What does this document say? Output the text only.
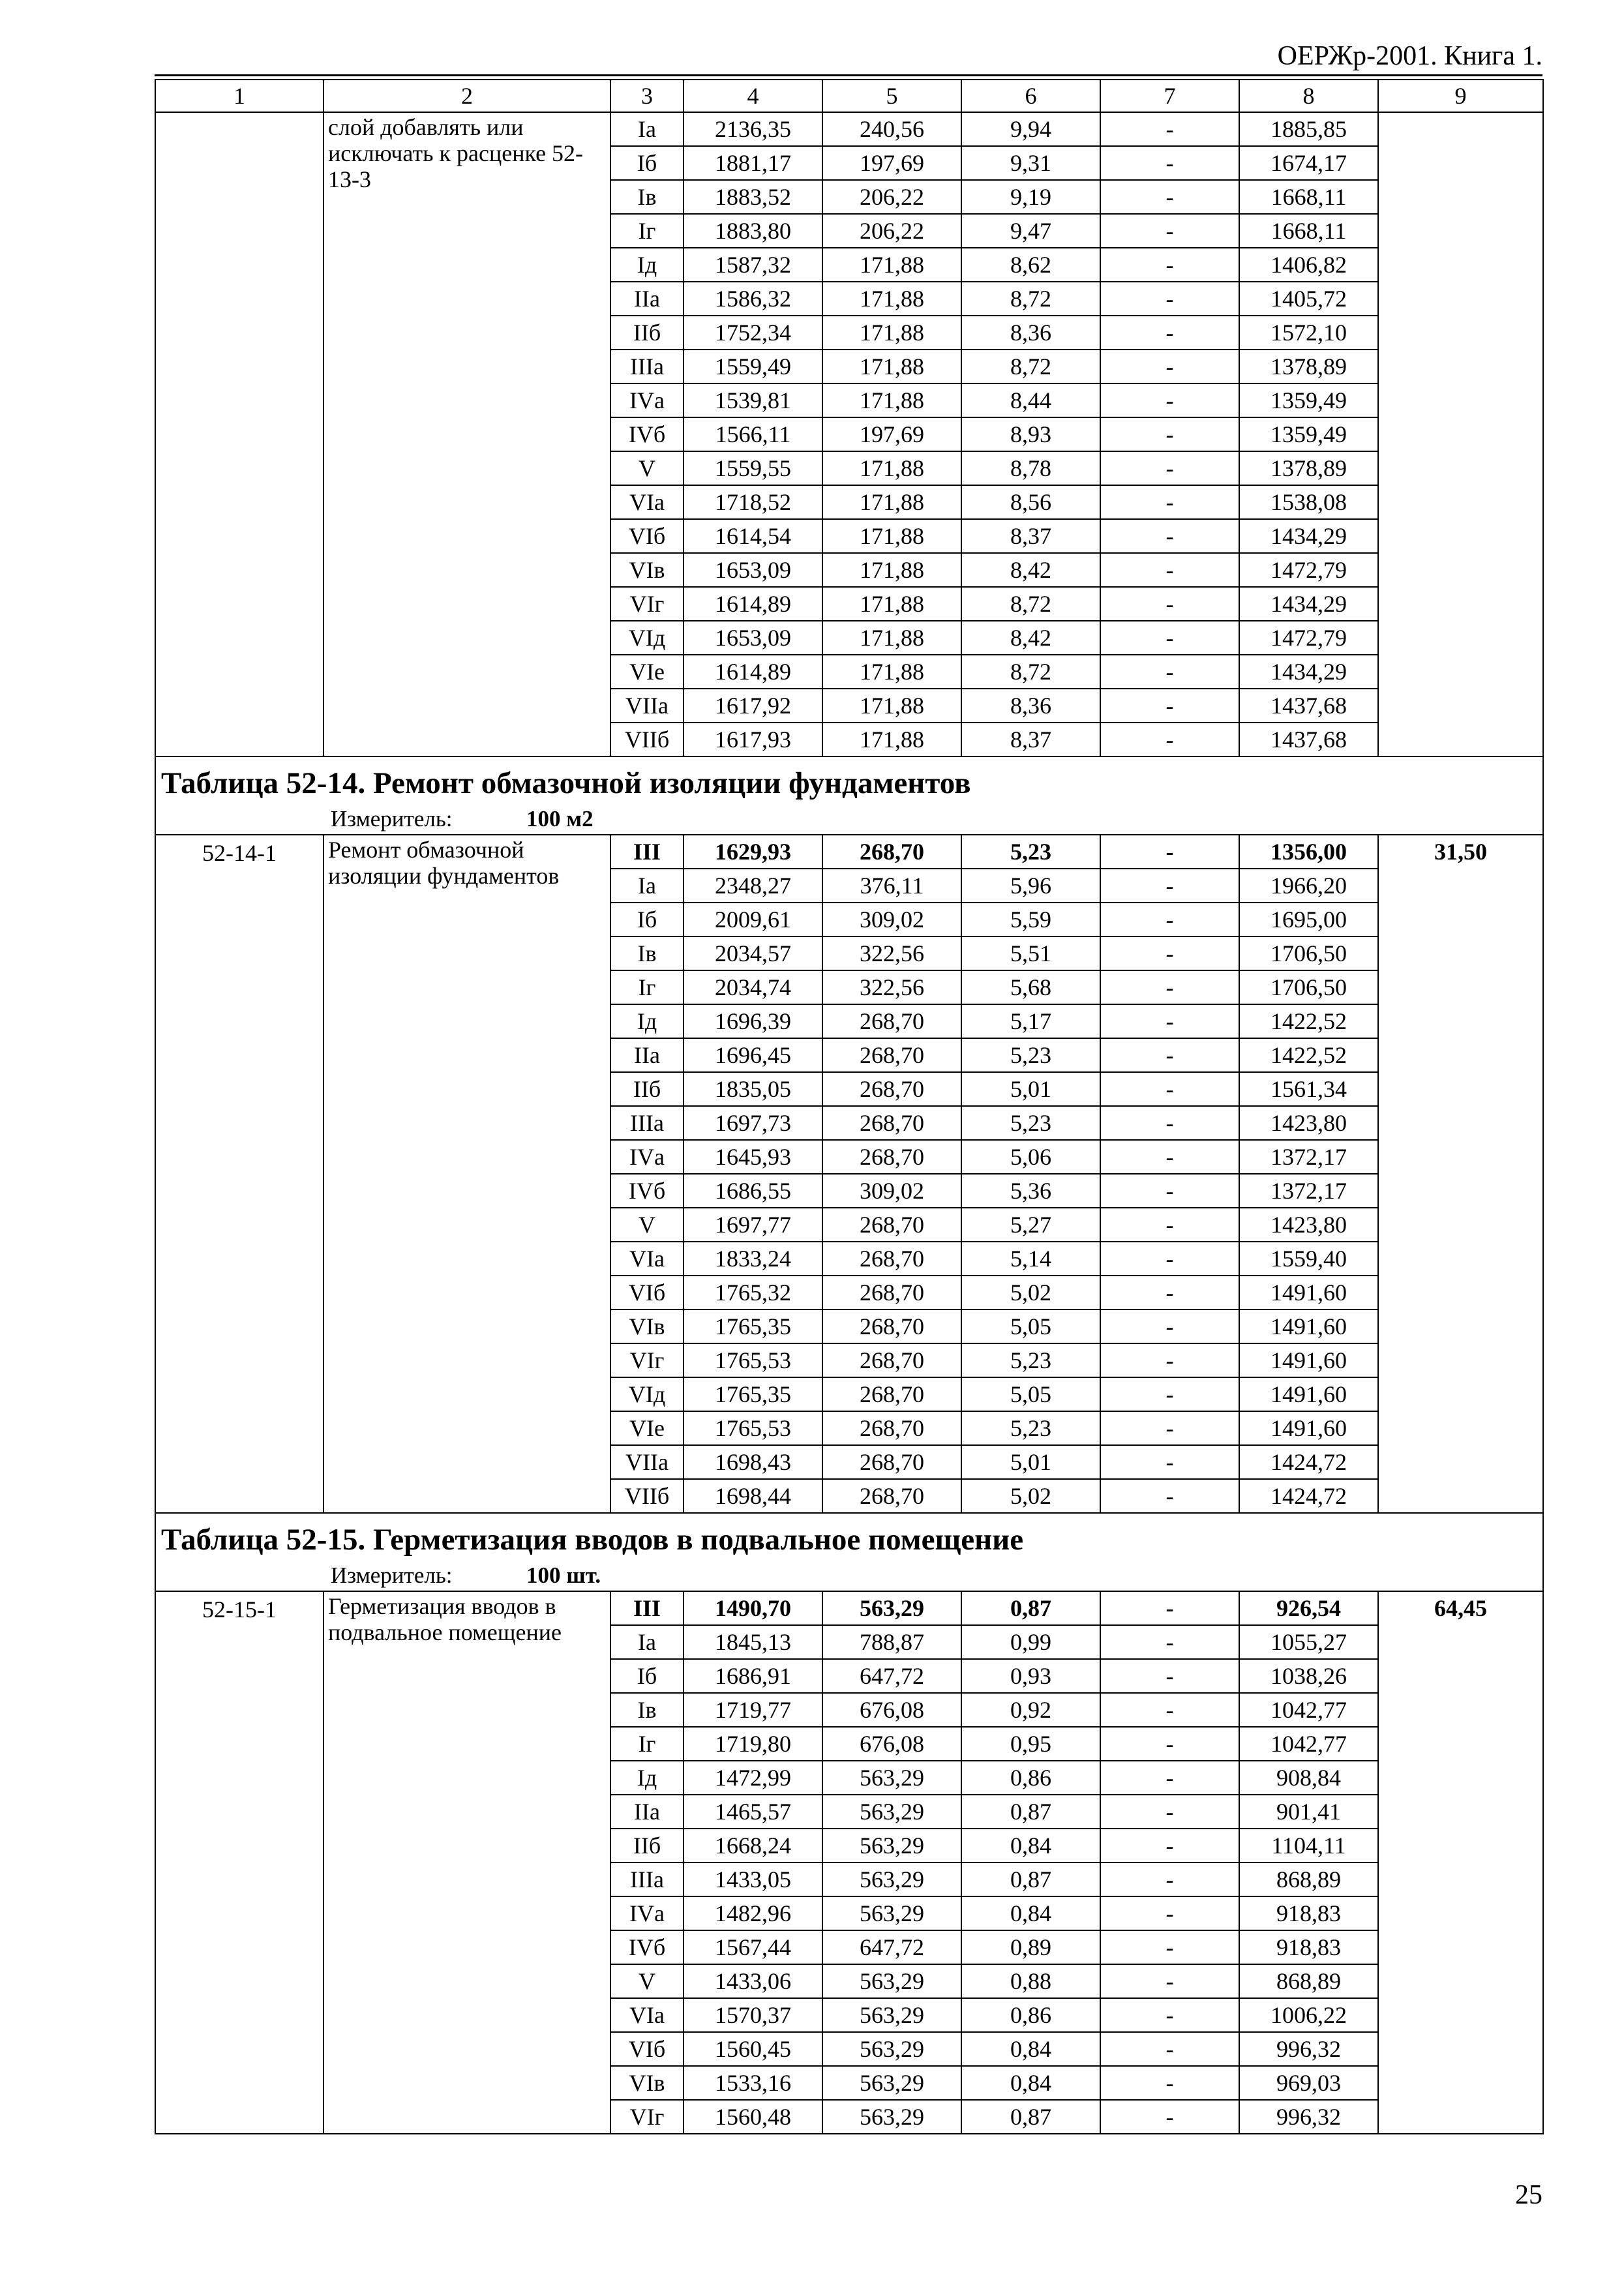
ОЕРЖр-2001. Книга 1.
1	2	3	4	5	6	7	8	9
	слой добавлять или исключать к расценке 52-13-3	Iа	2136,35	240,56	9,94	-	1885,85	
		Iб	1881,17	197,69	9,31	-	1674,17	
		Iв	1883,52	206,22	9,19	-	1668,11	
		Iг	1883,80	206,22	9,47	-	1668,11	
		Iд	1587,32	171,88	8,62	-	1406,82	
		IIа	1586,32	171,88	8,72	-	1405,72	
		IIб	1752,34	171,88	8,36	-	1572,10	
		IIIа	1559,49	171,88	8,72	-	1378,89	
		IVа	1539,81	171,88	8,44	-	1359,49	
		IVб	1566,11	197,69	8,93	-	1359,49	
		V	1559,55	171,88	8,78	-	1378,89	
		VIа	1718,52	171,88	8,56	-	1538,08	
		VIб	1614,54	171,88	8,37	-	1434,29	
		VIв	1653,09	171,88	8,42	-	1472,79	
		VIг	1614,89	171,88	8,72	-	1434,29	
		VIд	1653,09	171,88	8,42	-	1472,79	
		VIе	1614,89	171,88	8,72	-	1434,29	
		VIIа	1617,92	171,88	8,36	-	1437,68	
		VIIб	1617,93	171,88	8,37	-	1437,68	

Таблица 52-14. Ремонт обмазочной изоляции фундаментов
Измеритель: 100 м2								

52-14-1	Ремонт обмазочной изоляции фундаментов	III	1629,93	268,70	5,23	-	1356,00	31,50
		Iа	2348,27	376,11	5,96	-	1966,20	
		Iб	2009,61	309,02	5,59	-	1695,00	
		Iв	2034,57	322,56	5,51	-	1706,50	
		Iг	2034,74	322,56	5,68	-	1706,50	
		Iд	1696,39	268,70	5,17	-	1422,52	
		IIа	1696,45	268,70	5,23	-	1422,52	
		IIб	1835,05	268,70	5,01	-	1561,34	
		IIIа	1697,73	268,70	5,23	-	1423,80	
		IVа	1645,93	268,70	5,06	-	1372,17	
		IVб	1686,55	309,02	5,36	-	1372,17	
		V	1697,77	268,70	5,27	-	1423,80	
		VIа	1833,24	268,70	5,14	-	1559,40	
		VIб	1765,32	268,70	5,02	-	1491,60	
		VIв	1765,35	268,70	5,05	-	1491,60	
		VIг	1765,53	268,70	5,23	-	1491,60	
		VIд	1765,35	268,70	5,05	-	1491,60	
		VIе	1765,53	268,70	5,23	-	1491,60	
		VIIа	1698,43	268,70	5,01	-	1424,72	
		VIIб	1698,44	268,70	5,02	-	1424,72	

Таблица 52-15. Герметизация вводов в подвальное помещение
Измеритель: 100 шт.								

52-15-1	Герметизация вводов в подвальное помещение	III	1490,70	563,29	0,87	-	926,54	64,45
		Iа	1845,13	788,87	0,99	-	1055,27	
		Iб	1686,91	647,72	0,93	-	1038,26	
		Iв	1719,77	676,08	0,92	-	1042,77	
		Iг	1719,80	676,08	0,95	-	1042,77	
		Iд	1472,99	563,29	0,86	-	908,84	
		IIа	1465,57	563,29	0,87	-	901,41	
		IIб	1668,24	563,29	0,84	-	1104,11	
		IIIа	1433,05	563,29	0,87	-	868,89	
		IVа	1482,96	563,29	0,84	-	918,83	
		IVб	1567,44	647,72	0,89	-	918,83	
		V	1433,06	563,29	0,88	-	868,89	
		VIа	1570,37	563,29	0,86	-	1006,22	
		VIб	1560,45	563,29	0,84	-	996,32	
		VIв	1533,16	563,29	0,84	-	969,03	
		VIг	1560,48	563,29	0,87	-	996,32	
25
